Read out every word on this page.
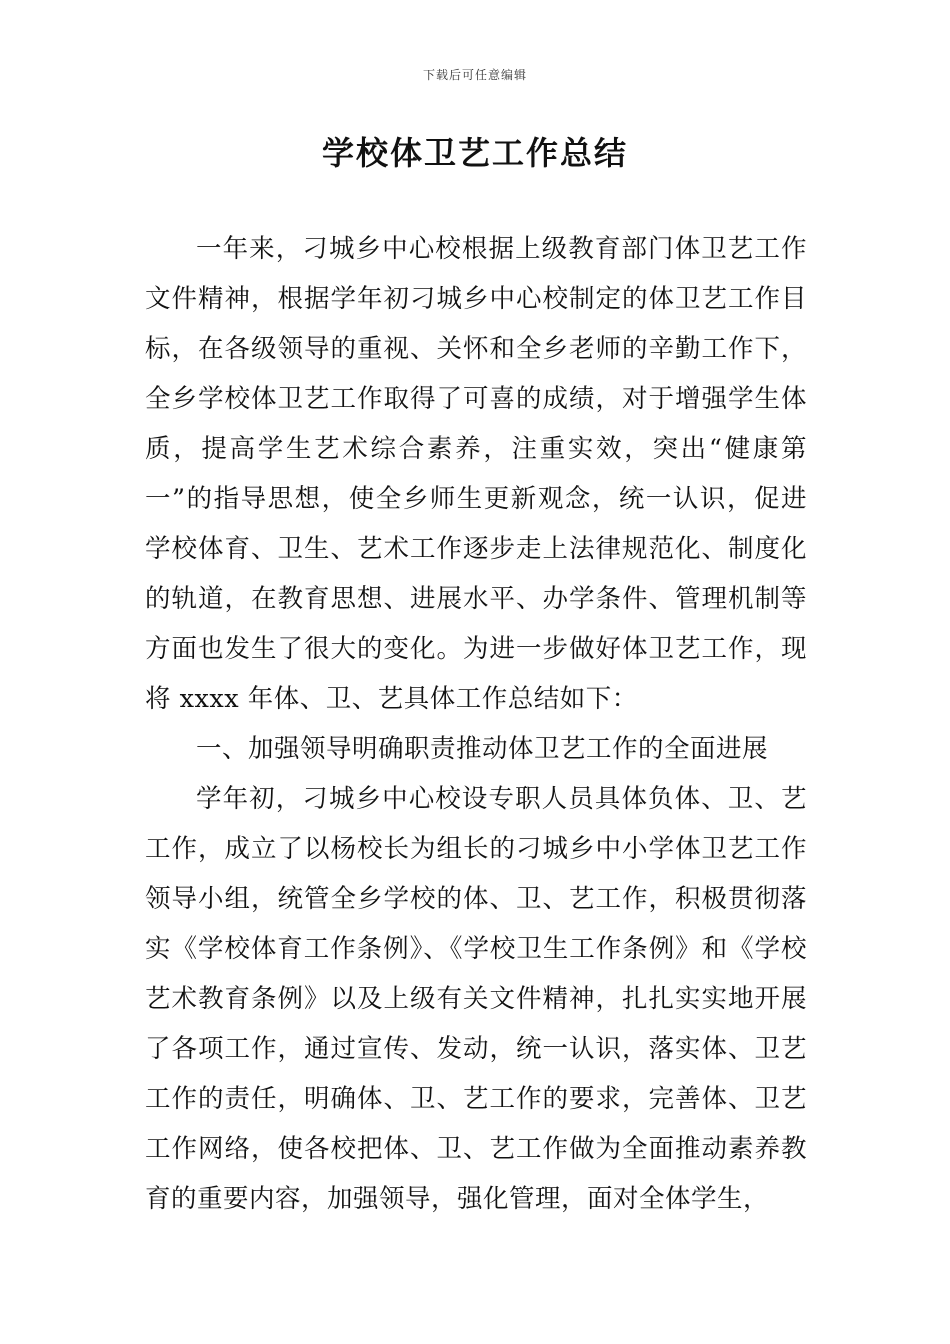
下载后可任意编辑
学校体卫艺工作总结

一年来，刁城乡中心校根据上级教育部门体卫艺工作文件精神，根据学年初刁城乡中心校制定的体卫艺工作目标，在各级领导的重视、关怀和全乡老师的辛勤工作下，全乡学校体卫艺工作取得了可喜的成绩，对于增强学生体质，提高学生艺术综合素养，注重实效，突出“健康第一”的指导思想，使全乡师生更新观念，统一认识，促进学校体育、卫生、艺术工作逐步走上法律规范化、制度化的轨道，在教育思想、进展水平、办学条件、管理机制等方面也发生了很大的变化。为进一步做好体卫艺工作，现将 xxxx 年体、卫、艺具体工作总结如下：

一、加强领导明确职责推动体卫艺工作的全面进展

学年初，刁城乡中心校设专职人员具体负体、卫、艺工作，成立了以杨校长为组长的刁城乡中小学体卫艺工作领导小组，统管全乡学校的体、卫、艺工作，积极贯彻落实《学校体育工作条例》、《学校卫生工作条例》和《学校艺术教育条例》以及上级有关文件精神，扎扎实实地开展了各项工作，通过宣传、发动，统一认识，落实体、卫艺工作的责任，明确体、卫、艺工作的要求，完善体、卫艺工作网络，使各校把体、卫、艺工作做为全面推动素养教育的重要内容，加强领导，强化管理，面对全体学生，
